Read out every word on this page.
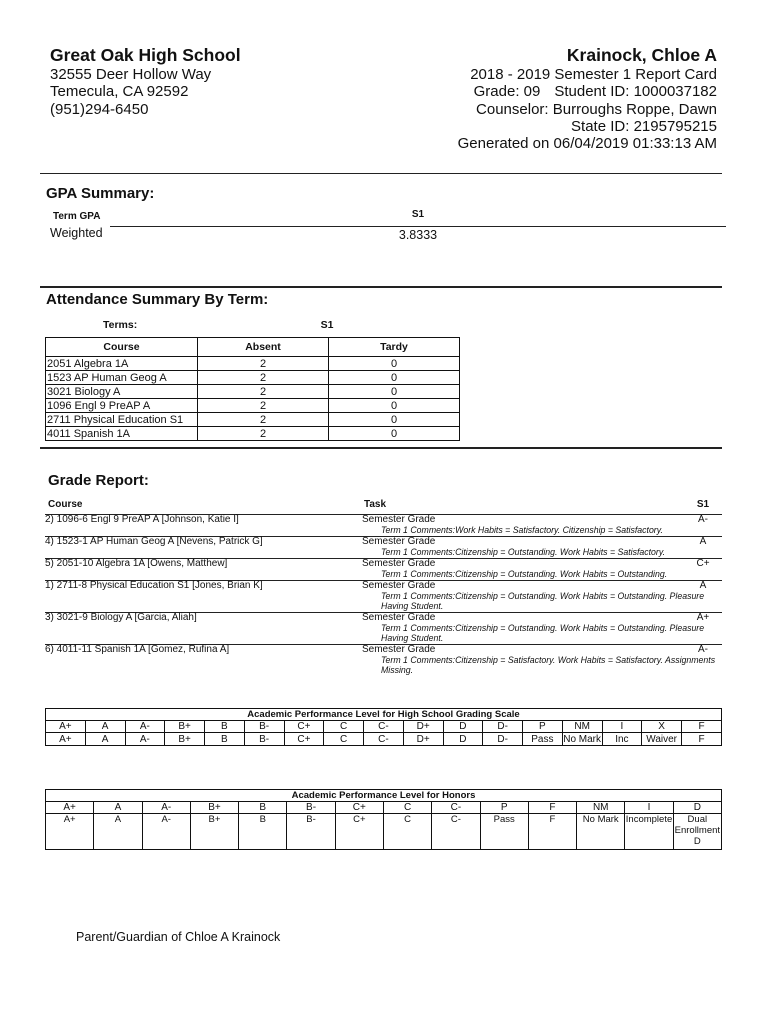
Great Oak High School
32555 Deer Hollow Way
Temecula, CA 92592
(951)294-6450
Krainock, Chloe A
2018 - 2019 Semester 1 Report Card
Grade: 09 Student ID: 1000037182
Counselor: Burroughs Roppe, Dawn
State ID: 2195795215
Generated on 06/04/2019 01:33:13 AM
GPA Summary:
Term GPA	S1
Weighted	3.8333
Attendance Summary By Term:
Terms:	S1
Course	Absent	Tardy
2051 Algebra 1A	2	0
1523 AP Human Geog A	2	0
3021 Biology A	2	0
1096 Engl 9 PreAP A	2	0
2711 Physical Education S1	2	0
4011 Spanish 1A	2	0
Grade Report:
Course	Task	S1
2) 1096-6 Engl 9 PreAP A [Johnson, Katie I]	Semester Grade	A-
Term 1 Comments:Work Habits = Satisfactory. Citizenship = Satisfactory.
4) 1523-1 AP Human Geog A [Nevens, Patrick G]	Semester Grade	A
Term 1 Comments:Citizenship = Outstanding. Work Habits = Satisfactory.
5) 2051-10 Algebra 1A [Owens, Matthew]	Semester Grade	C+
Term 1 Comments:Citizenship = Outstanding. Work Habits = Outstanding.
1) 2711-8 Physical Education S1 [Jones, Brian K]	Semester Grade	A
Term 1 Comments:Citizenship = Outstanding. Work Habits = Outstanding. Pleasure Having Student.
3) 3021-9 Biology A [Garcia, Aliah]	Semester Grade	A+
Term 1 Comments:Citizenship = Outstanding. Work Habits = Outstanding. Pleasure Having Student.
6) 4011-11 Spanish 1A [Gomez, Rufina A]	Semester Grade	A-
Term 1 Comments:Citizenship = Satisfactory. Work Habits = Satisfactory. Assignments Missing.
Academic Performance Level for High School Grading Scale																
A+	A	A-	B+	B	B-	C+	C	C-	D+	D	D-	P	NM	I	X	F
A+	A	A-	B+	B	B-	C+	C	C-	D+	D	D-	Pass	No Mark	Inc	Waiver	F
Academic Performance Level for Honors													
A+	A	A-	B+	B	B-	C+	C	C-	P	F	NM	I	D
A+	A	A-	B+	B	B-	C+	C	C-	Pass	F	No Mark	Incomplete	Dual Enrollment D
Parent/Guardian of Chloe A Krainock
